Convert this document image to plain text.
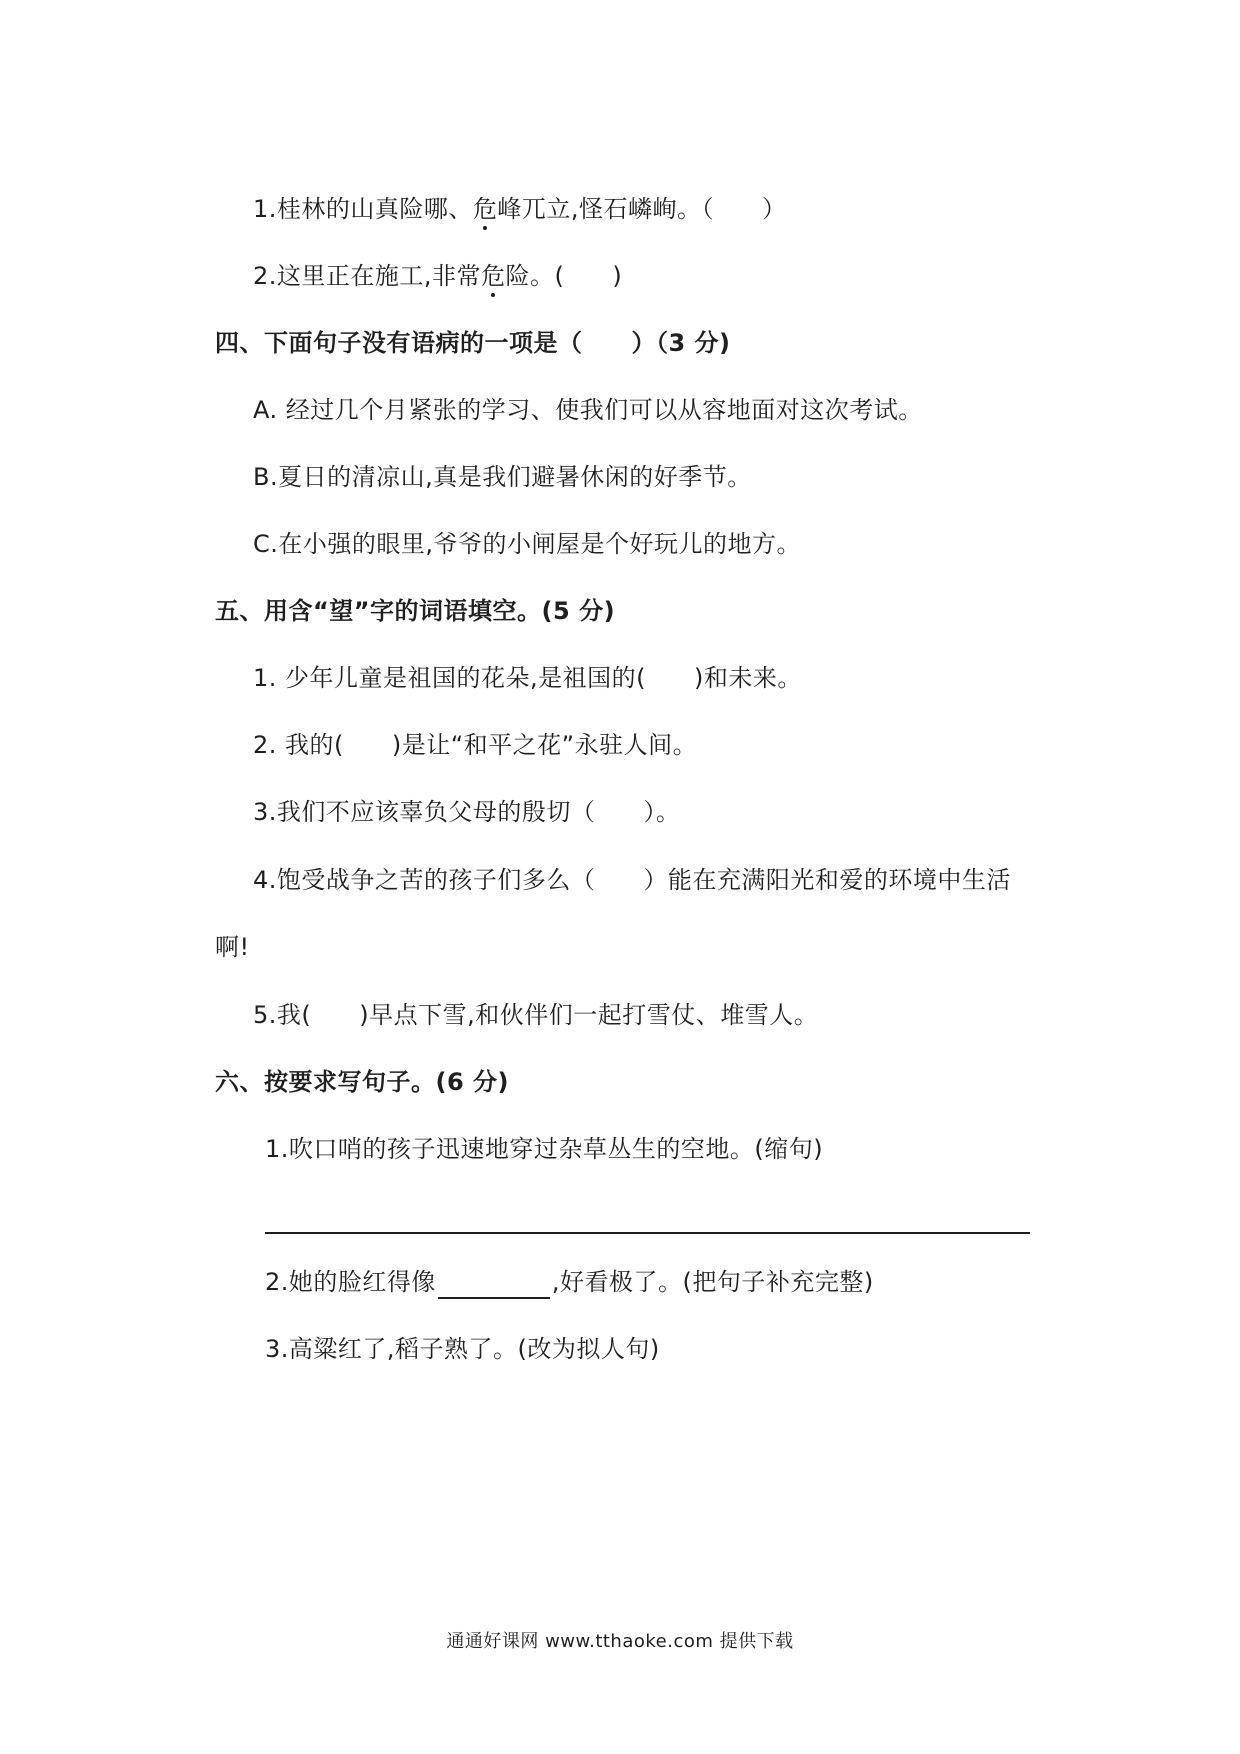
1.桂林的山真险哪、危峰兀立,怪石嶙峋。（ ）
2.这里正在施工,非常危险。( )
四、下面句子没有语病的一项是（　　）（3 分)
A. 经过几个月紧张的学习、使我们可以从容地面对这次考试。
B.夏日的清凉山,真是我们避暑休闲的好季节。
C.在小强的眼里,爷爷的小闸屋是个好玩儿的地方。
五、用含“望”字的词语填空。(5 分)
1. 少年儿童是祖国的花朵,是祖国的( )和未来。
2. 我的( )是让“和平之花”永驻人间。
3.我们不应该辜负父母的殷切（ ）。
4.饱受战争之苦的孩子们多么（ ）能在充满阳光和爱的环境中生活
啊!
5.我( )早点下雪,和伙伴们一起打雪仗、堆雪人。
六、按要求写句子。(6 分)
1.吹口哨的孩子迅速地穿过杂草丛生的空地。(缩句)
2.她的脸红得像	,好看极了。(把句子补充完整)
3.高粱红了,稻子熟了。(改为拟人句)
通通好课网 www.tthaoke.com 提供下载
